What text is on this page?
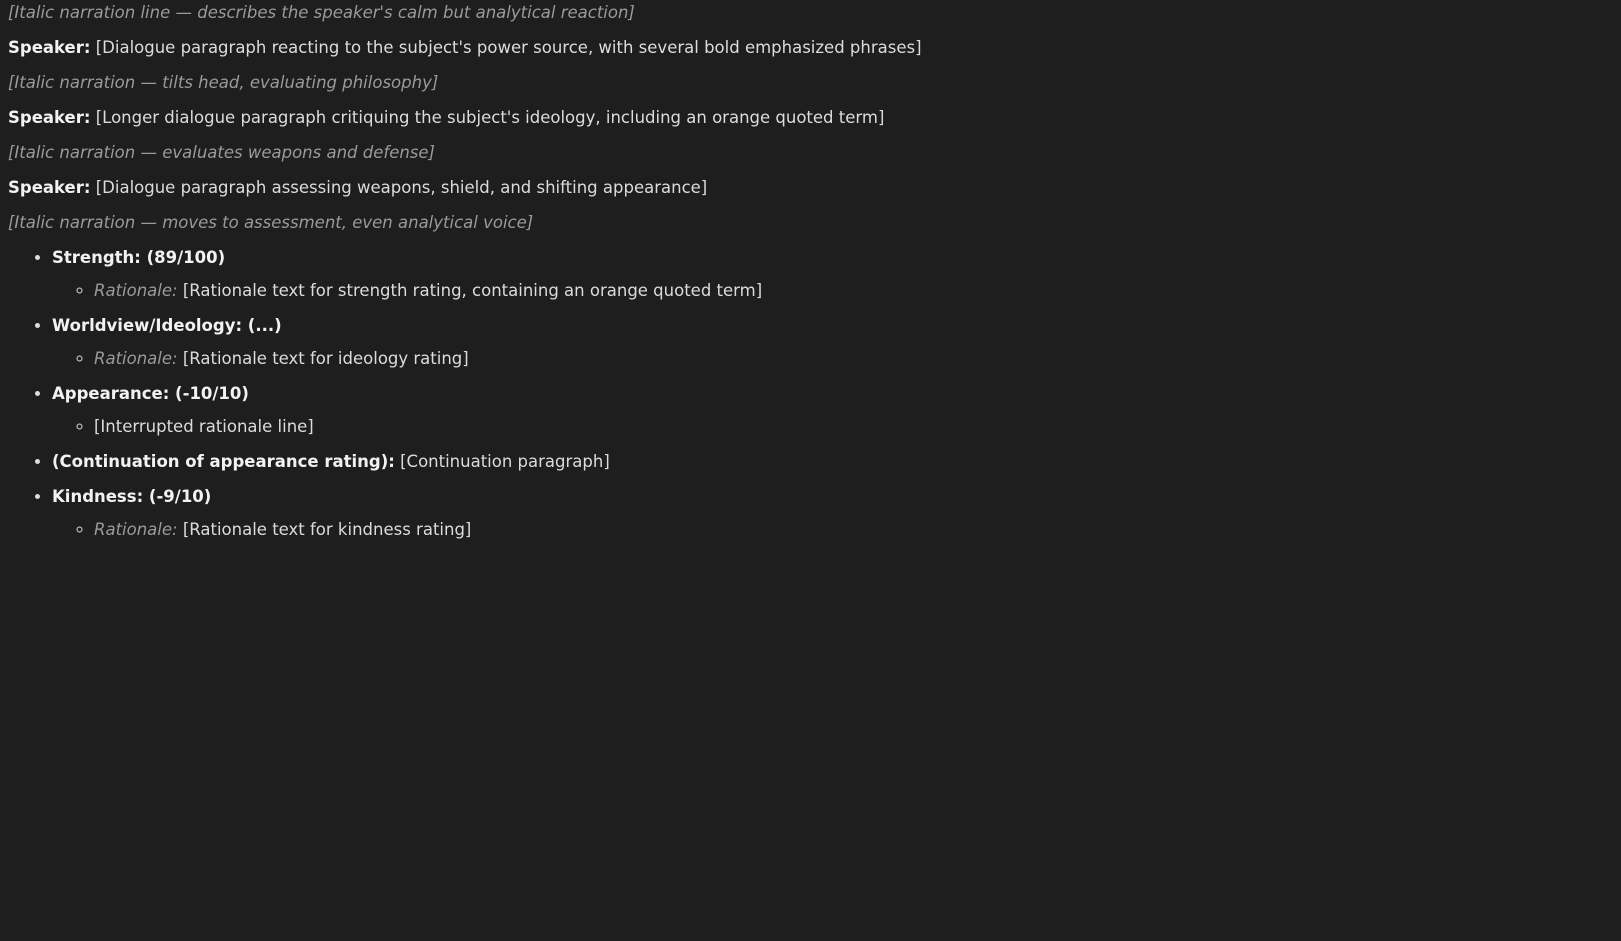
[Italic narration line — describes the speaker's calm but analytical reaction]

Speaker: [Dialogue paragraph reacting to the subject's power source, with several bold emphasized phrases]

[Italic narration — tilts head, evaluating philosophy]

Speaker: [Longer dialogue paragraph critiquing the subject's ideology, including an orange quoted term]

[Italic narration — evaluates weapons and defense]

Speaker: [Dialogue paragraph assessing weapons, shield, and shifting appearance]

[Italic narration — moves to assessment, even analytical voice]

• Strength: (89/100)
◦ Rationale: [Rationale text for strength rating, containing an orange quoted term]
• Worldview/Ideology: (...)
◦ Rationale: [Rationale text for ideology rating]
• Appearance: (-10/10)
◦ [Interrupted rationale line]
• (Continuation of appearance rating): [Continuation paragraph]
• Kindness: (-9/10)
◦ Rationale: [Rationale text for kindness rating]
